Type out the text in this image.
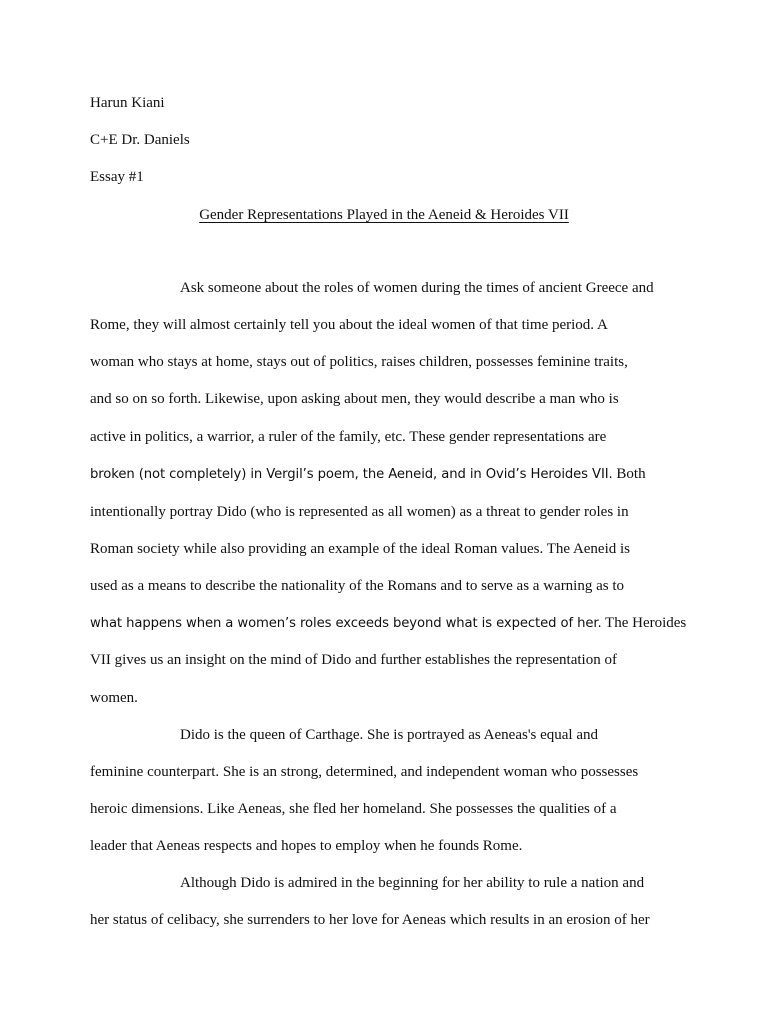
Harun Kiani
C+E Dr. Daniels
Essay #1
Gender Representations Played in the Aeneid & Heroides VII
Ask someone about the roles of women during the times of ancient Greece and
Rome, they will almost certainly tell you about the ideal women of that time period. A
woman who stays at home, stays out of politics, raises children, possesses feminine traits,
and so on so forth. Likewise, upon asking about men, they would describe a man who is
active in politics, a warrior, a ruler of the family, etc. These gender representations are
broken (not completely) in Vergil’s poem, the Aeneid, and in Ovid’s Heroides VII. Both
intentionally portray Dido (who is represented as all women) as a threat to gender roles in
Roman society while also providing an example of the ideal Roman values. The Aeneid is
used as a means to describe the nationality of the Romans and to serve as a warning as to
what happens when a women’s roles exceeds beyond what is expected of her. The Heroides
VII gives us an insight on the mind of Dido and further establishes the representation of
women.
Dido is the queen of Carthage. She is portrayed as Aeneas's equal and
feminine counterpart. She is an strong, determined, and independent woman who possesses
heroic dimensions. Like Aeneas, she fled her homeland. She possesses the qualities of a
leader that Aeneas respects and hopes to employ when he founds Rome.
Although Dido is admired in the beginning for her ability to rule a nation and
her status of celibacy, she surrenders to her love for Aeneas which results in an erosion of her
